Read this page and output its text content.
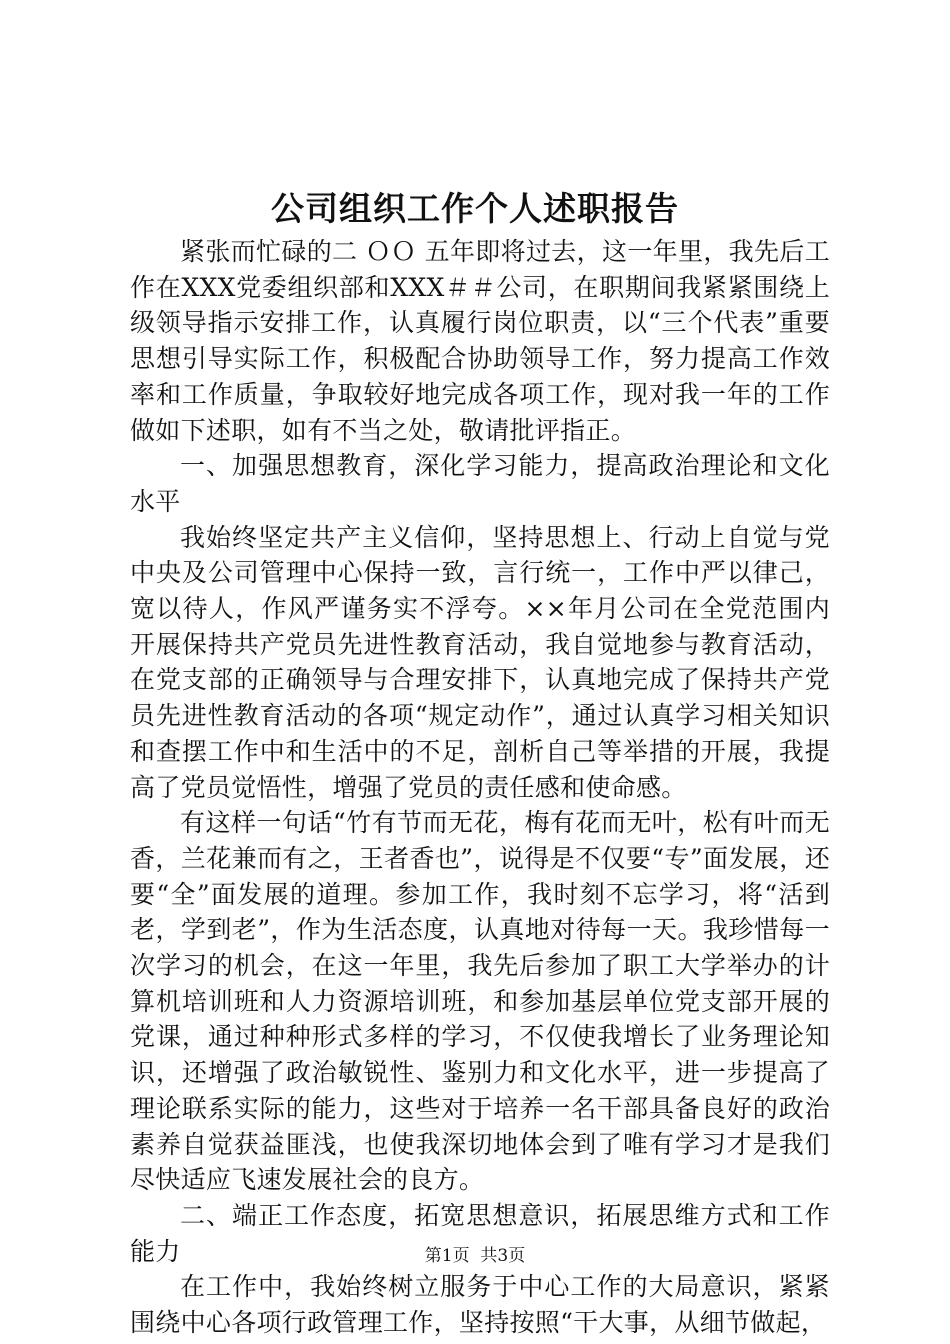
公司组织工作个人述职报告

紧张而忙碌的二 ＯＯ 五年即将过去，这一年里，我先后工作在XXX党委组织部和XXX＃＃公司，在职期间我紧紧围绕上级领导指示安排工作，认真履行岗位职责，以“三个代表”重要思想引导实际工作，积极配合协助领导工作，努力提高工作效率和工作质量，争取较好地完成各项工作，现对我一年的工作做如下述职，如有不当之处，敬请批评指正。

一、加强思想教育，深化学习能力，提高政治理论和文化水平

我始终坚定共产主义信仰，坚持思想上、行动上自觉与党中央及公司管理中心保持一致，言行统一，工作中严以律己，宽以待人，作风严谨务实不浮夸。××年月公司在全党范围内开展保持共产党员先进性教育活动，我自觉地参与教育活动，在党支部的正确领导与合理安排下，认真地完成了保持共产党员先进性教育活动的各项“规定动作”，通过认真学习相关知识和查摆工作中和生活中的不足，剖析自己等举措的开展，我提高了党员觉悟性，增强了党员的责任感和使命感。

有这样一句话“竹有节而无花，梅有花而无叶，松有叶而无香，兰花兼而有之，王者香也”，说得是不仅要“专”面发展，还要“全”面发展的道理。参加工作，我时刻不忘学习，将“活到老，学到老”，作为生活态度，认真地对待每一天。我珍惜每一次学习的机会，在这一年里，我先后参加了职工大学举办的计算机培训班和人力资源培训班，和参加基层单位党支部开展的党课，通过种种形式多样的学习，不仅使我增长了业务理论知识，还增强了政治敏锐性、鉴别力和文化水平，进一步提高了理论联系实际的能力，这些对于培养一名干部具备良好的政治素养自觉获益匪浅，也使我深切地体会到了唯有学习才是我们尽快适应飞速发展社会的良方。

二、端正工作态度，拓宽思想意识，拓展思维方式和工作能力

在工作中，我始终树立服务于中心工作的大局意识，紧紧围绕中心各项行政管理工作，坚持按照“干大事，从细节做起，

第1页 共3页
